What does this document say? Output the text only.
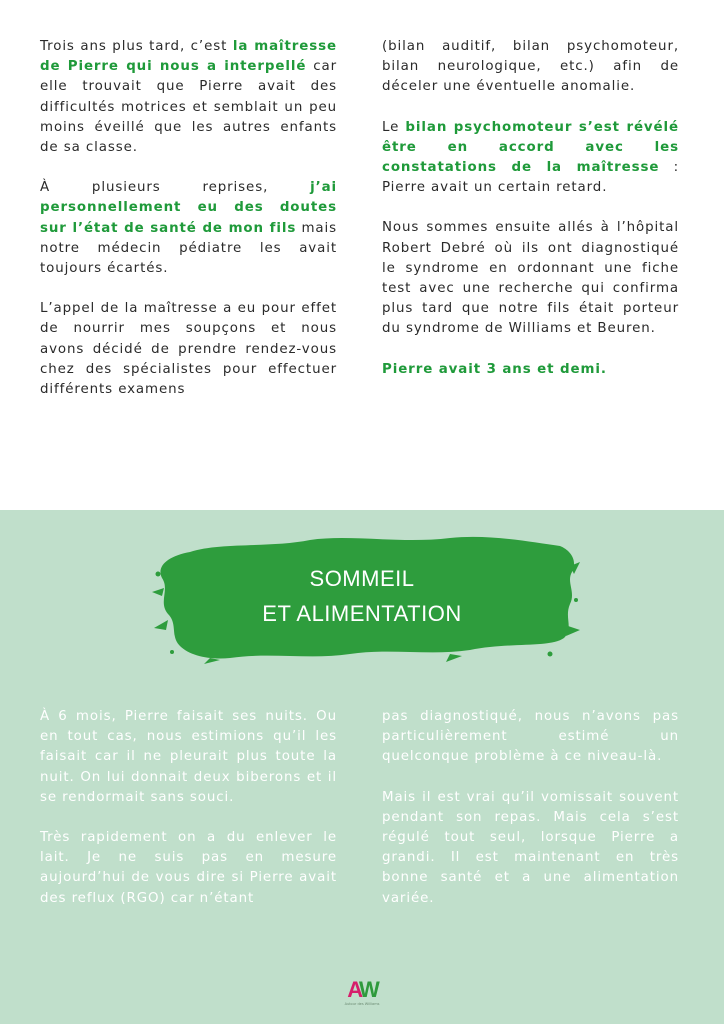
Trois ans plus tard, c’est la maîtresse de Pierre qui nous a interpellé car elle trouvait que Pierre avait des difficultés motrices et semblait un peu moins éveillé que les autres enfants de sa classe.

À plusieurs reprises, j’ai personnellement eu des doutes sur l’état de santé de mon fils mais notre médecin pédiatre les avait toujours écartés.

L’appel de la maîtresse a eu pour effet de nourrir mes soupçons et nous avons décidé de prendre rendez-vous chez des spécialistes pour effectuer différents examens

(bilan auditif, bilan psychomoteur, bilan neurologique, etc.) afin de déceler une éventuelle anomalie.

Le bilan psychomoteur s’est révélé être en accord avec les constatations de la maîtresse : Pierre avait un certain retard.

Nous sommes ensuite allés à l’hôpital Robert Debré où ils ont diagnostiqué le syndrome en ordonnant une fiche test avec une recherche qui confirma plus tard que notre fils était porteur du syndrome de Williams et Beuren.

Pierre avait 3 ans et demi.

SOMMEIL
ET ALIMENTATION

À 6 mois, Pierre faisait ses nuits. Ou en tout cas, nous estimions qu’il les faisait car il ne pleurait plus toute la nuit. On lui donnait deux biberons et il se rendormait sans souci.

Très rapidement on a du enlever le lait. Je ne suis pas en mesure aujourd’hui de vous dire si Pierre avait des reflux (RGO) car n’étant

pas diagnostiqué, nous n’avons pas particulièrement estimé un quelconque problème à ce niveau-là.

Mais il est vrai qu’il vomissait souvent pendant son repas. Mais cela s’est régulé tout seul, lorsque Pierre a grandi. Il est maintenant en très bonne santé et a une alimentation variée.

AW
Autour des Williams
